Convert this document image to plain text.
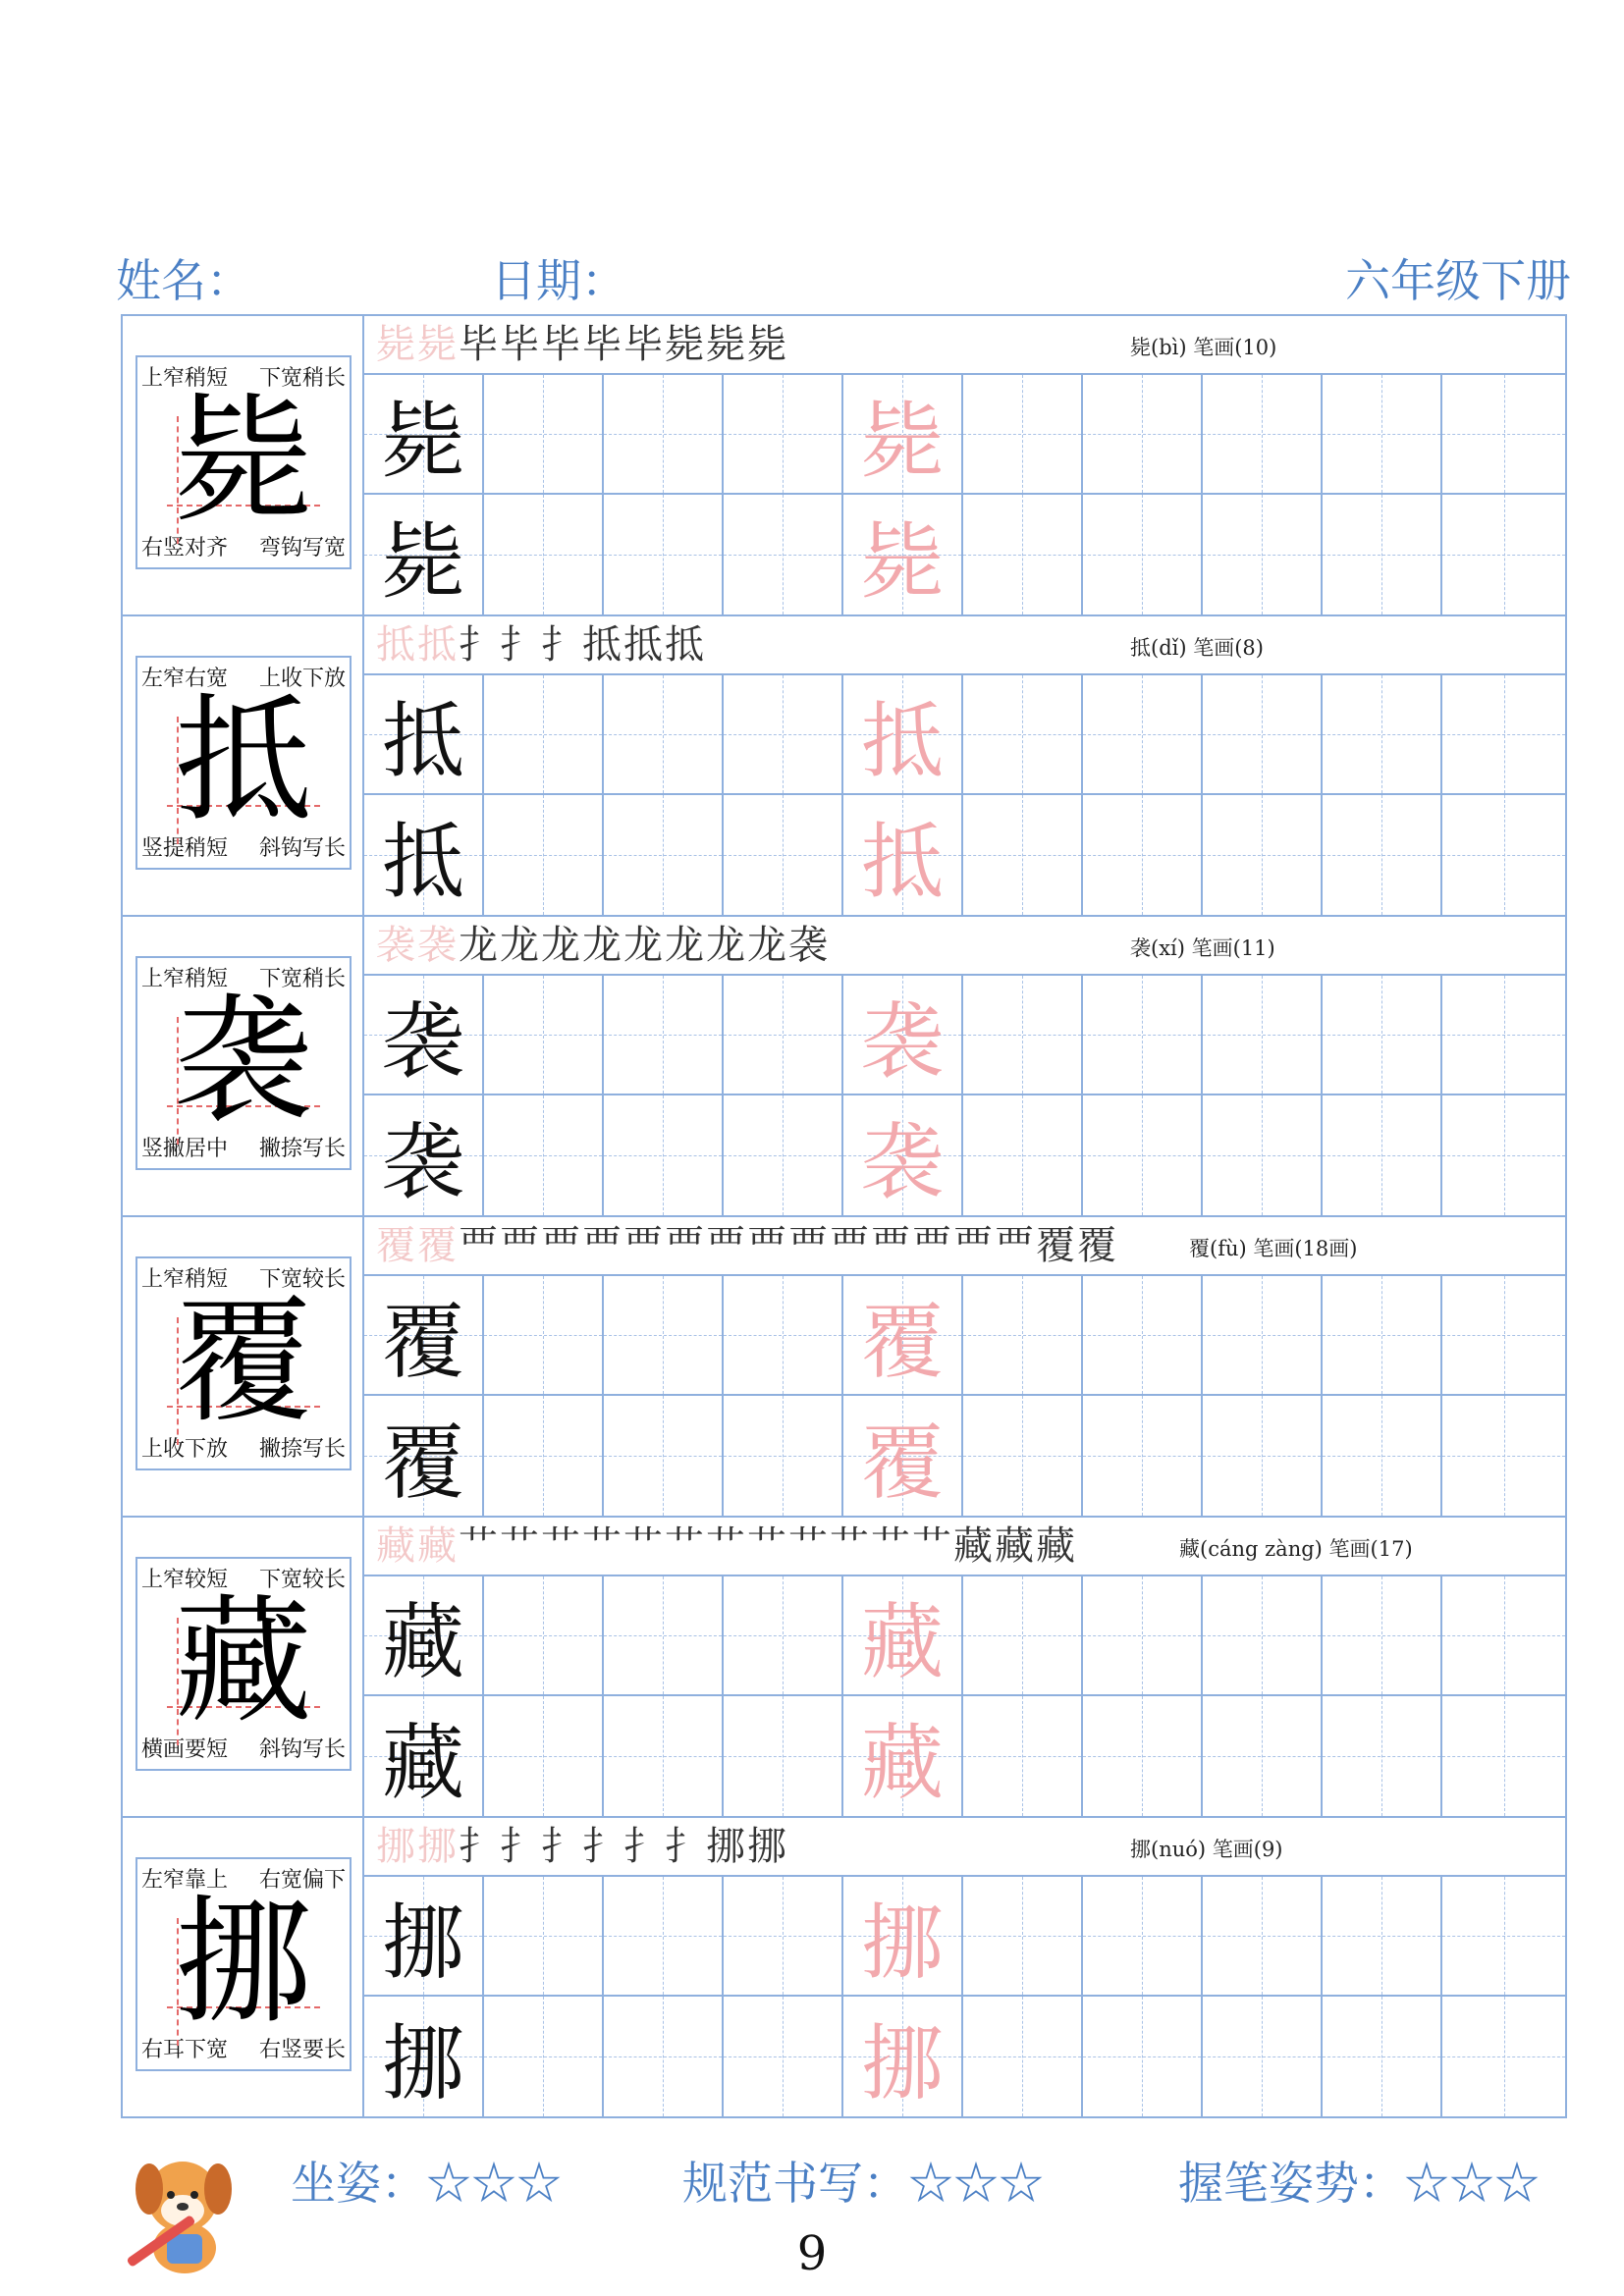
姓名：	日期：	六年级下册
上窄稍短 下宽稍长
右竖对齐 弯钩写宽
毙
毙毙毕毕毕毕毕毙毙毙	毙(bì) 笔画(10)
毙	毙
毙	毙
左窄右宽 上收下放
竖提稍短 斜钩写长
抵
抵抵扌扌扌抵抵抵	抵(dǐ) 笔画(8)
抵	抵
抵	抵
上窄稍短 下宽稍长
竖撇居中 撇捺写长
袭
袭袭龙龙龙龙龙龙龙龙袭	袭(xí) 笔画(11)
袭	袭
袭	袭
上窄稍短 下宽较长
上收下放 撇捺写长
覆
覆覆覀覀覀覀覀覀覀覀覀覀覀覀覀覀覆覆	覆(fù) 笔画(18画)
覆	覆
覆	覆
上窄较短 下宽较长
横画要短 斜钩写长
藏
藏藏艹艹艹艹艹艹艹艹艹艹艹艹藏藏藏	藏(cáng zàng) 笔画(17)
藏	藏
藏	藏
左窄靠上 右宽偏下
右耳下宽 右竖要长
挪
挪挪扌扌扌扌扌扌挪挪	挪(nuó) 笔画(9)
挪	挪
挪	挪
坐姿：☆☆☆	规范书写：☆☆☆	握笔姿势：☆☆☆
9
